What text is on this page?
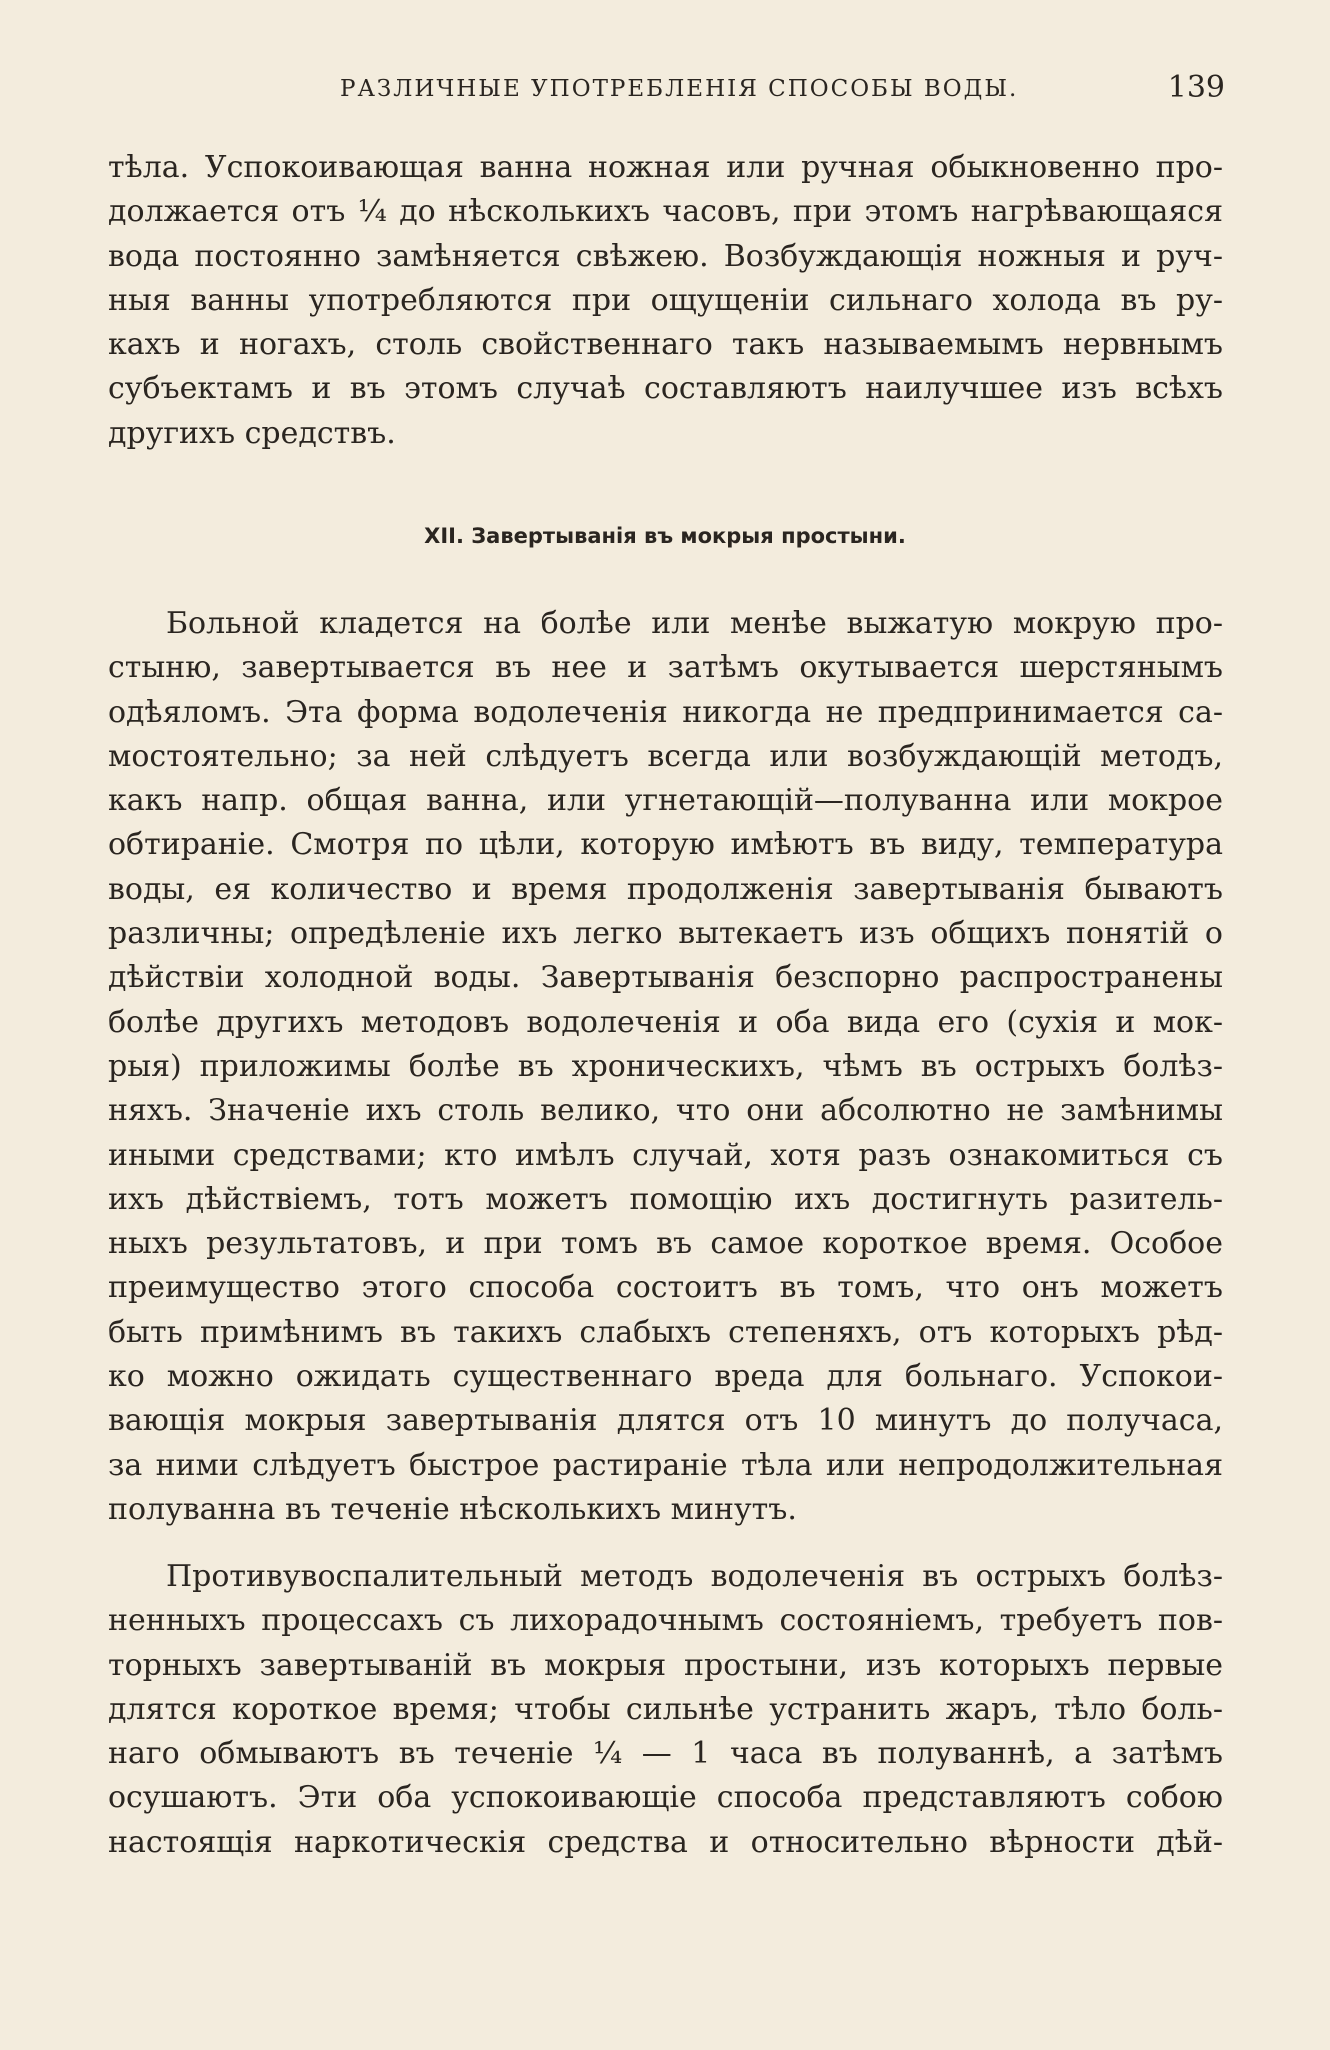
РАЗЛИЧНЫЕ УПОТРЕБЛЕНІЯ СПОСОБЫ ВОДЫ.	139
тѣла. Успокоивающая ванна ножная или ручная обыкновенно про-
должается отъ ¼ до нѣсколькихъ часовъ, при этомъ нагрѣвающаяся
вода постоянно замѣняется свѣжею. Возбуждающія ножныя и руч-
ныя ванны употребляются при ощущеніи сильнаго холода въ ру-
кахъ и ногахъ, столь свойственнаго такъ называемымъ нервнымъ
субъектамъ и въ этомъ случаѣ составляютъ наилучшее изъ всѣхъ
другихъ средствъ.
XII. Завертыванія въ мокрыя простыни.
Больной кладется на болѣе или менѣе выжатую мокрую про-
стыню, завертывается въ нее и затѣмъ окутывается шерстянымъ
одѣяломъ. Эта форма водолеченія никогда не предпринимается са-
мостоятельно; за ней слѣдуетъ всегда или возбуждающій методъ,
какъ напр. общая ванна, или угнетающій—полуванна или мокрое
обтираніе. Смотря по цѣли, которую имѣютъ въ виду, температура
воды, ея количество и время продолженія завертыванія бываютъ
различны; опредѣленіе ихъ легко вытекаетъ изъ общихъ понятій о
дѣйствіи холодной воды. Завертыванія безспорно распространены
болѣе другихъ методовъ водолеченія и оба вида его (сухія и мок-
рыя) приложимы болѣе въ хроническихъ, чѣмъ въ острыхъ болѣз-
няхъ. Значеніе ихъ столь велико, что они абсолютно не замѣнимы
иными средствами; кто имѣлъ случай, хотя разъ ознакомиться съ
ихъ дѣйствіемъ, тотъ можетъ помощію ихъ достигнуть разитель-
ныхъ результатовъ, и при томъ въ самое короткое время. Особое
преимущество этого способа состоитъ въ томъ, что онъ можетъ
быть примѣнимъ въ такихъ слабыхъ степеняхъ, отъ которыхъ рѣд-
ко можно ожидать существеннаго вреда для больнаго. Успокои-
вающія мокрыя завертыванія длятся отъ 10 минутъ до получаса,
за ними слѣдуетъ быстрое растираніе тѣла или непродолжительная
полуванна въ теченіе нѣсколькихъ минутъ.
Противувоспалительный методъ водолеченія въ острыхъ болѣз-
ненныхъ процессахъ съ лихорадочнымъ состояніемъ, требуетъ пов-
торныхъ завертываній въ мокрыя простыни, изъ которыхъ первые
длятся короткое время; чтобы сильнѣе устранить жаръ, тѣло боль-
наго обмываютъ въ теченіе ¼ — 1 часа въ полуваннѣ, а затѣмъ
осушаютъ. Эти оба успокоивающіе способа представляютъ собою
настоящія наркотическія средства и относительно вѣрности дѣй-
